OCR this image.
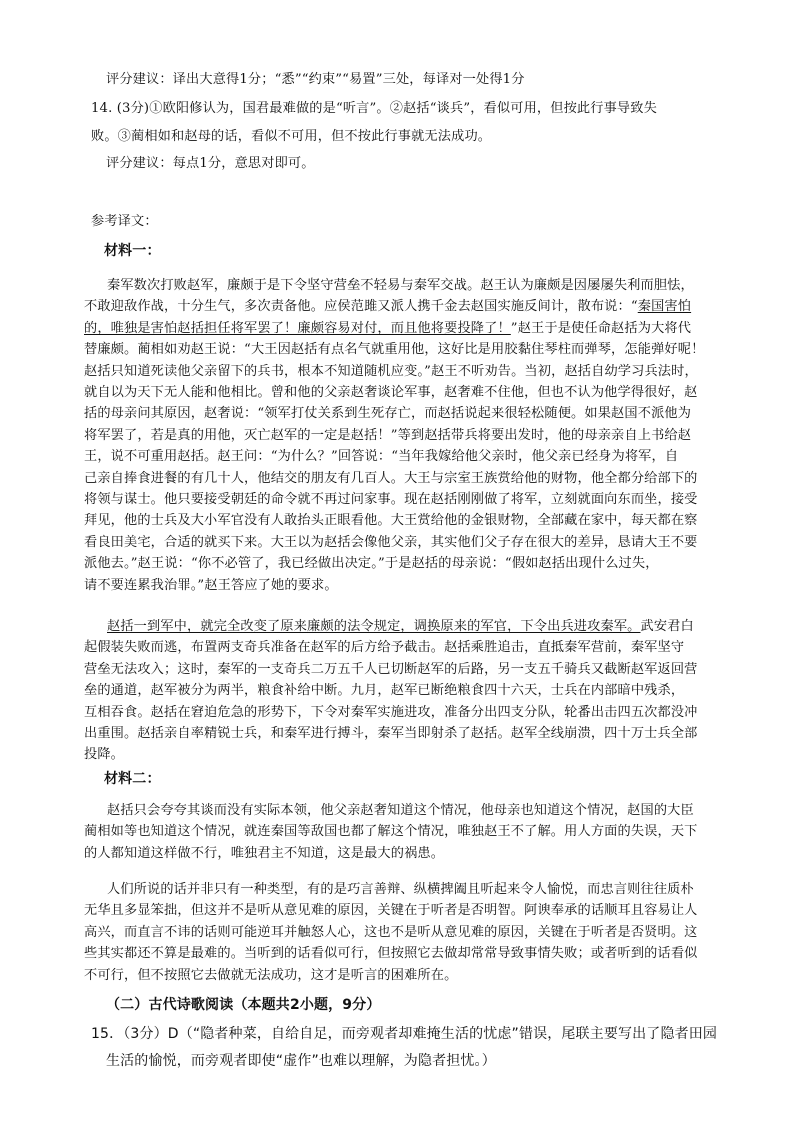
评分建议：译出大意得1分；“悉”“约束”“易置”三处，每译对一处得1分
14. (3分)①欧阳修认为，国君最难做的是“听言”。②赵括“谈兵”，看似可用，但按此行事导致失
败。③蔺相如和赵母的话，看似不可用，但不按此行事就无法成功。
评分建议：每点1分，意思对即可。
参考译文：
材料一：
秦军数次打败赵军，廉颇于是下令坚守营垒不轻易与秦军交战。赵王认为廉颇是因屡屡失利而胆怯，
不敢迎敌作战，十分生气，多次责备他。应侯范雎又派人携千金去赵国实施反间计，散布说：“秦国害怕
的，唯独是害怕赵括担任将军罢了！廉颇容易对付，而且他将要投降了！”赵王于是使任命赵括为大将代
替廉颇。蔺相如劝赵王说：“大王因赵括有点名气就重用他，这好比是用胶黏住琴柱而弹琴，怎能弹好呢！
赵括只知道死读他父亲留下的兵书，根本不知道随机应变。”赵王不听劝告。当初，赵括自幼学习兵法时，
就自以为天下无人能和他相比。曾和他的父亲赵奢谈论军事，赵奢难不住他，但也不认为他学得很好，赵
括的母亲问其原因，赵奢说：“领军打仗关系到生死存亡，而赵括说起来很轻松随便。如果赵国不派他为
将军罢了，若是真的用他，灭亡赵军的一定是赵括！”等到赵括带兵将要出发时，他的母亲亲自上书给赵
王，说不可重用赵括。赵王问：“为什么？”回答说：“当年我嫁给他父亲时，他父亲已经身为将军，自
己亲自捧食进餐的有几十人，他结交的朋友有几百人。大王与宗室王族赏给他的财物，他全都分给部下的
将领与谋士。他只要接受朝廷的命令就不再过问家事。现在赵括刚刚做了将军，立刻就面向东而坐，接受
拜见，他的士兵及大小军官没有人敢抬头正眼看他。大王赏给他的金银财物，全部藏在家中，每天都在察
看良田美宅，合适的就买下来。大王以为赵括会像他父亲，其实他们父子存在很大的差异，恳请大王不要
派他去。”赵王说：“你不必管了，我已经做出决定。”于是赵括的母亲说：“假如赵括出现什么过失，
请不要连累我治罪。”赵王答应了她的要求。
赵括一到军中，就完全改变了原来廉颇的法令规定，调换原来的军官，下令出兵进攻秦军。武安君白
起假装失败而逃，布置两支奇兵准备在赵军的后方给予截击。赵括乘胜追击，直抵秦军营前，秦军坚守
营垒无法攻入；这时，秦军的一支奇兵二万五千人已切断赵军的后路，另一支五千骑兵又截断赵军返回营
垒的通道，赵军被分为两半，粮食补给中断。九月，赵军已断绝粮食四十六天，士兵在内部暗中残杀，
互相吞食。赵括在窘迫危急的形势下，下令对秦军实施进攻，准备分出四支分队，轮番出击四五次都没冲
出重围。赵括亲自率精锐士兵，和秦军进行搏斗，秦军当即射杀了赵括。赵军全线崩溃，四十万士兵全部
投降。
材料二：
赵括只会夸夸其谈而没有实际本领，他父亲赵奢知道这个情况，他母亲也知道这个情况，赵国的大臣
蔺相如等也知道这个情况，就连秦国等敌国也都了解这个情况，唯独赵王不了解。用人方面的失误，天下
的人都知道这样做不行，唯独君主不知道，这是最大的祸患。
人们所说的话并非只有一种类型，有的是巧言善辩、纵横捭阖且听起来令人愉悦，而忠言则往往质朴
无华且多显笨拙，但这并不是听从意见难的原因，关键在于听者是否明智。阿谀奉承的话顺耳且容易让人
高兴，而直言不讳的话则可能逆耳并触怒人心，这也不是听从意见难的原因，关键在于听者是否贤明。这
些其实都还不算是最难的。当听到的话看似可行，但按照它去做却常常导致事情失败；或者听到的话看似
不可行，但不按照它去做就无法成功，这才是听言的困难所在。
（二）古代诗歌阅读（本题共2小题，9分）
15．（3分）D（“隐者种菜，自给自足，而旁观者却难掩生活的忧虑”错误，尾联主要写出了隐者田园
生活的愉悦，而旁观者即使“虚作”也难以理解，为隐者担忧。）
